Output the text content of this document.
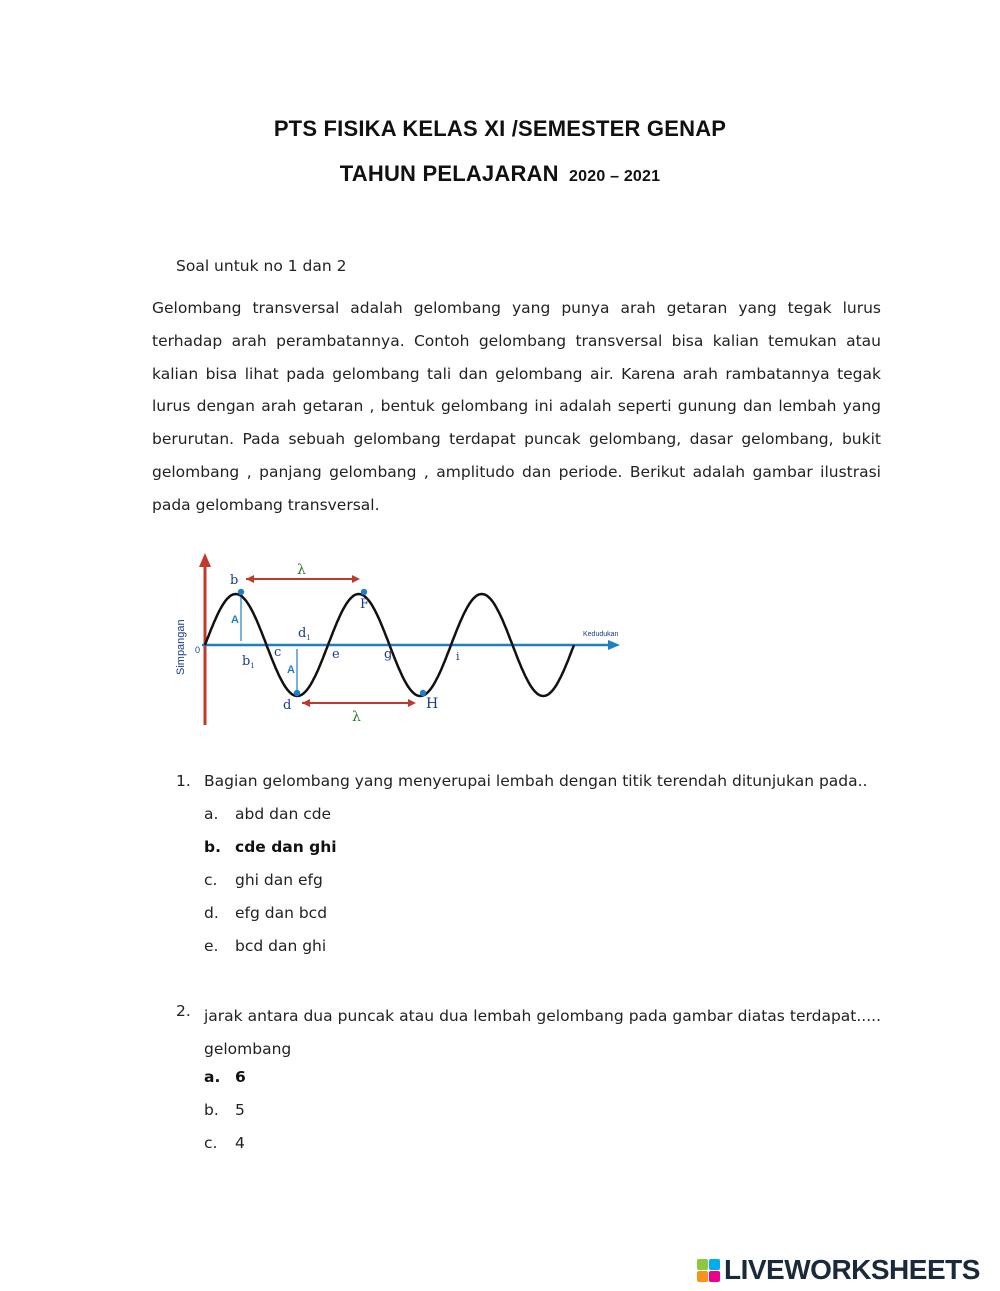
PTS FISIKA KELAS XI /SEMESTER GENAP
TAHUN PELAJARAN 2020 – 2021
Soal untuk no 1 dan 2

Gelombang transversal adalah gelombang yang punya arah getaran yang tegak lurus terhadap arah perambatannya. Contoh gelombang transversal bisa kalian temukan atau kalian bisa lihat pada gelombang tali dan gelombang air. Karena arah rambatannya tegak lurus dengan arah getaran , bentuk gelombang ini adalah seperti gunung dan lembah yang berurutan. Pada sebuah gelombang terdapat puncak gelombang, dasar gelombang, bukit gelombang , panjang gelombang , amplitudo dan periode. Berikut adalah gambar ilustrasi pada gelombang transversal.

Simpangan	Kedudukan
0
λ
λ
A
A
b
$b_1$
c
$d_1$
d
e
F
g
H
i
1. Bagian gelombang yang menyerupai lembah dengan titik terendah ditunjukan pada..
a. abd dan cde
b. cde dan ghi
c. ghi dan efg
d. efg dan bcd
e. bcd dan ghi
2. jarak antara dua puncak atau dua lembah gelombang pada gambar diatas terdapat..... gelombang

a. 6
b. 5
c. 4
LIVEWORKSHEETS
